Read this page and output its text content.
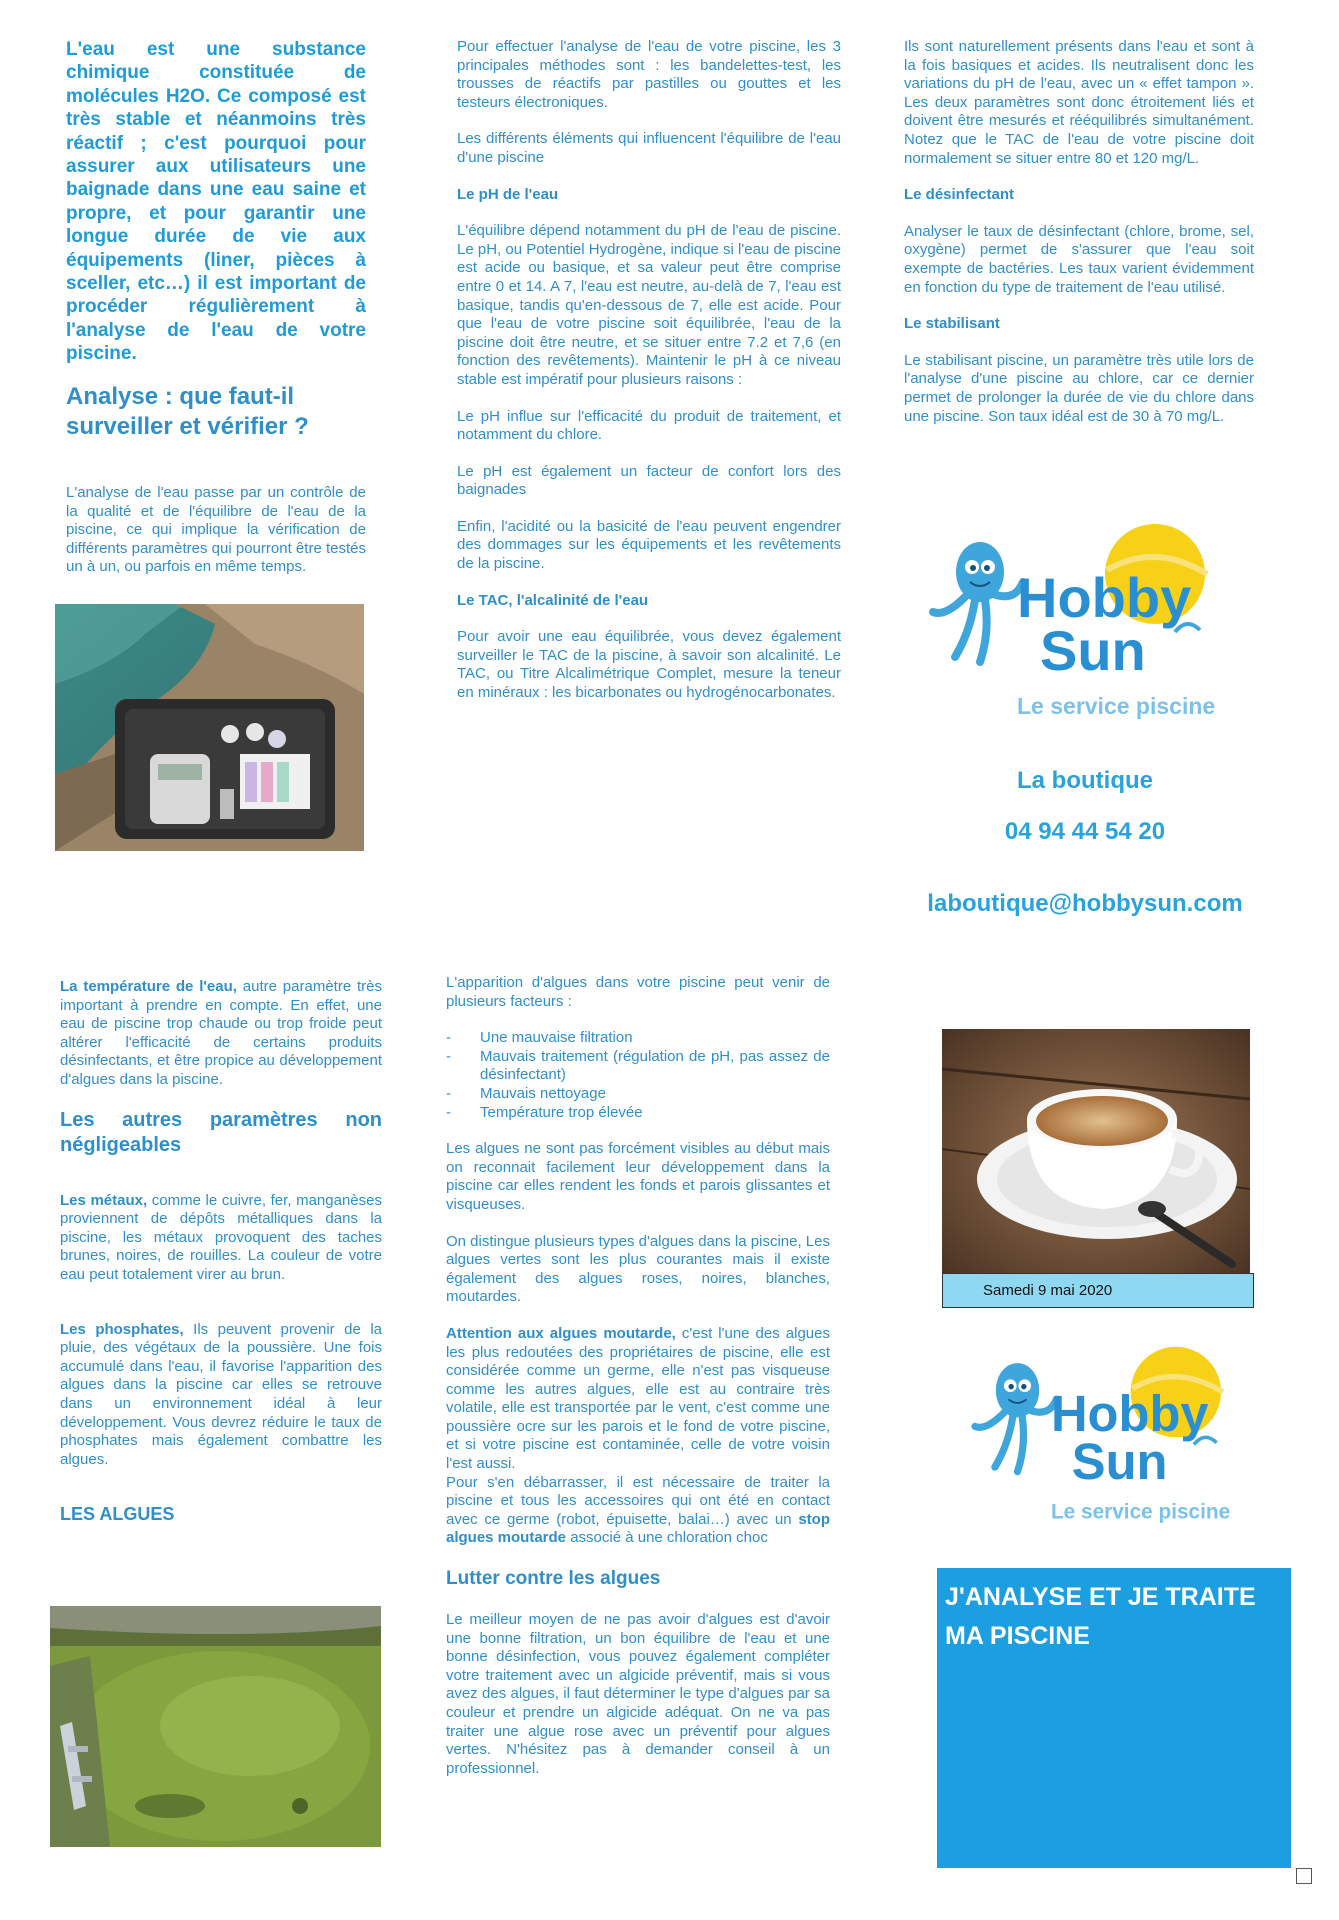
L'eau est une substance chimique constituée de molécules H2O. Ce composé est très stable et néanmoins très réactif ; c'est pourquoi pour assurer aux utilisateurs une baignade dans une eau saine et propre, et pour garantir une longue durée de vie aux équipements (liner, pièces à sceller, etc…) il est important de procéder régulièrement à l'analyse de l'eau de votre piscine.

Analyse : que faut-il surveiller et vérifier ?

L'analyse de l'eau passe par un contrôle de la qualité et de l'équilibre de l'eau de la piscine, ce qui implique la vérification de différents paramètres qui pourront être testés un à un, ou parfois en même temps.

Pour effectuer l'analyse de l'eau de votre piscine, les 3 principales méthodes sont : les bandelettes-test, les trousses de réactifs par pastilles ou gouttes et les testeurs électroniques.

Les différents éléments qui influencent l'équilibre de l'eau d'une piscine

Le pH de l'eau

L'équilibre dépend notamment du pH de l'eau de piscine. Le pH, ou Potentiel Hydrogène, indique si l'eau de piscine est acide ou basique, et sa valeur peut être comprise entre 0 et 14. A 7, l'eau est neutre, au-delà de 7, l'eau est basique, tandis qu'en-dessous de 7, elle est acide. Pour que l'eau de votre piscine soit équilibrée, l'eau de la piscine doit être neutre, et se situer entre 7.2 et 7,6 (en fonction des revêtements). Maintenir le pH à ce niveau stable est impératif pour plusieurs raisons :

Le pH influe sur l'efficacité du produit de traitement, et notamment du chlore.

Le pH est également un facteur de confort lors des baignades

Enfin, l'acidité ou la basicité de l'eau peuvent engendrer des dommages sur les équipements et les revêtements de la piscine.

Le TAC, l'alcalinité de l'eau

Pour avoir une eau équilibrée, vous devez également surveiller le TAC de la piscine, à savoir son alcalinité. Le TAC, ou Titre Alcalimétrique Complet, mesure la teneur en minéraux : les bicarbonates ou hydrogénocarbonates.

Ils sont naturellement présents dans l'eau et sont à la fois basiques et acides. Ils neutralisent donc les variations du pH de l'eau, avec un « effet tampon ». Les deux paramètres sont donc étroitement liés et doivent être mesurés et rééquilibrés simultanément. Notez que le TAC de l'eau de votre piscine doit normalement se situer entre 80 et 120 mg/L.

Le désinfectant

Analyser le taux de désinfectant (chlore, brome, sel, oxygène) permet de s'assurer que l'eau soit exempte de bactéries. Les taux varient évidemment en fonction du type de traitement de l'eau utilisé.

Le stabilisant

Le stabilisant piscine, un paramètre très utile lors de l'analyse d'une piscine au chlore, car ce dernier permet de prolonger la durée de vie du chlore dans une piscine. Son taux idéal est de 30 à 70 mg/L.

Hobby
Sun
Le service piscine
La boutique
04 94 44 54 20
laboutique@hobbysun.com

La température de l'eau, autre paramètre très important à prendre en compte. En effet, une eau de piscine trop chaude ou trop froide peut altérer l'efficacité de certains produits désinfectants, et être propice au développement d'algues dans la piscine.

Les autres paramètres non négligeables

Les métaux, comme le cuivre, fer, manganèses proviennent de dépôts métalliques dans la piscine, les métaux provoquent des taches brunes, noires, de rouilles. La couleur de votre eau peut totalement virer au brun.

Les phosphates, Ils peuvent provenir de la pluie, des végétaux de la poussière. Une fois accumulé dans l'eau, il favorise l'apparition des algues dans la piscine car elles se retrouve dans un environnement idéal à leur développement. Vous devrez réduire le taux de phosphates mais également combattre les algues.

LES ALGUES

L'apparition d'algues dans votre piscine peut venir de plusieurs facteurs :

- Une mauvaise filtration
- Mauvais traitement (régulation de pH, pas assez de désinfectant)
- Mauvais nettoyage
- Température trop élevée

Les algues ne sont pas forcément visibles au début mais on reconnait facilement leur développement dans la piscine car elles rendent les fonds et parois glissantes et visqueuses.

On distingue plusieurs types d'algues dans la piscine, Les algues vertes sont les plus courantes mais il existe également des algues roses, noires, blanches, moutardes.

Attention aux algues moutarde, c'est l'une des algues les plus redoutées des propriétaires de piscine, elle est considérée comme un germe, elle n'est pas visqueuse comme les autres algues, elle est au contraire très volatile, elle est transportée par le vent, c'est comme une poussière ocre sur les parois et le fond de votre piscine, et si votre piscine est contaminée, celle de votre voisin l'est aussi.

Pour s'en débarrasser, il est nécessaire de traiter la piscine et tous les accessoires qui ont été en contact avec ce germe (robot, épuisette, balai…) avec un stop algues moutarde associé à une chloration choc

Lutter contre les algues

Le meilleur moyen de ne pas avoir d'algues est d'avoir une bonne filtration, un bon équilibre de l'eau et une bonne désinfection, vous pouvez également compléter votre traitement avec un algicide préventif, mais si vous avez des algues, il faut déterminer le type d'algues par sa couleur et prendre un algicide adéquat. On ne va pas traiter une algue rose avec un préventif pour algues vertes. N'hésitez pas à demander conseil à un professionnel.

Samedi 9 mai 2020
Hobby
Sun
Le service piscine
J'ANALYSE ET JE TRAITE MA PISCINE
